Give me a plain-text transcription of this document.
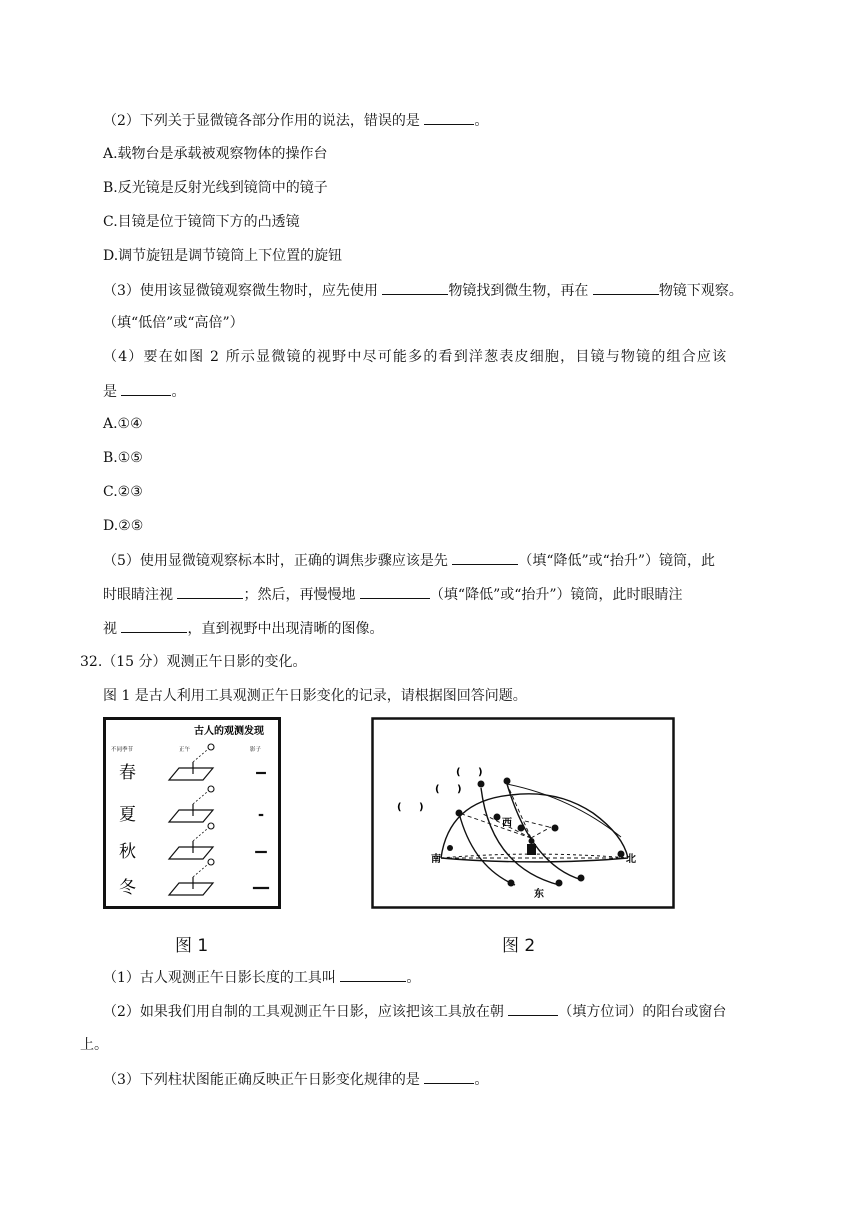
（2）下列关于显微镜各部分作用的说法，错误的是	。
A.载物台是承载被观察物体的操作台
B.反光镜是反射光线到镜筒中的镜子
C.目镜是位于镜筒下方的凸透镜
D.调节旋钮是调节镜筒上下位置的旋钮
（3）使用该显微镜观察微生物时，应先使用	物镜找到微生物，再在	物镜下观察。
（填“低倍”或“高倍”）
（4）要在如图 2 所示显微镜的视野中尽可能多的看到洋葱表皮细胞，目镜与物镜的组合应该
是	。
A.①④
B.①⑤
C.②③
D.②⑤
（5）使用显微镜观察标本时，正确的调焦步骤应该是先	（填“降低”或“抬升”）镜筒，此
时眼睛注视	；然后，再慢慢地	（填“降低”或“抬升”）镜筒，此时眼睛注
视	，直到视野中出现清晰的图像。
32.（15 分）观测正午日影的变化。
图 1 是古人利用工具观测正午日影变化的记录，请根据图回答问题。
古人的观测发现
不同季节	正午	影子
春
夏
秋
冬
图 1
(     )
(     )
(     )
西
南	北
东
图 2
（1）古人观测正午日影长度的工具叫	。
（2）如果我们用自制的工具观测正午日影，应该把该工具放在朝	（填方位词）的阳台或窗台
上。
（3）下列柱状图能正确反映正午日影变化规律的是	。
